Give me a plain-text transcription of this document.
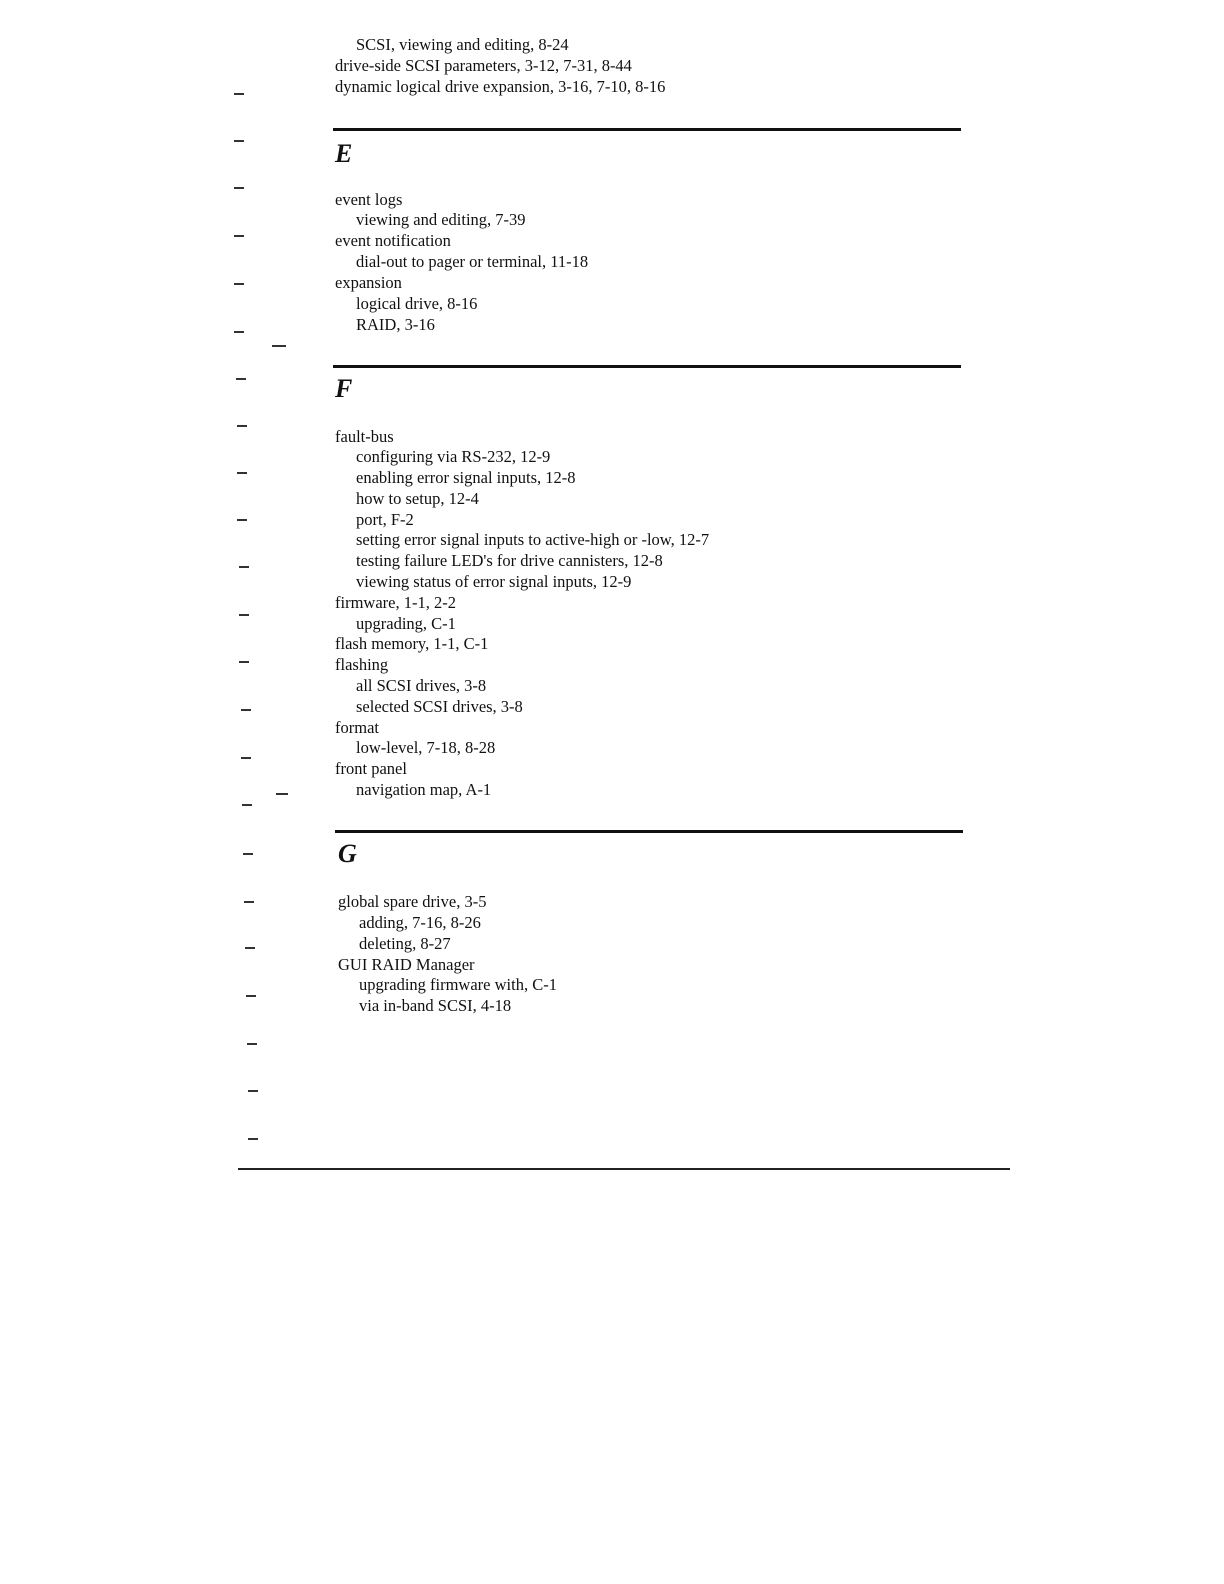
SCSI, viewing and editing, 8-24
drive-side SCSI parameters, 3-12, 7-31, 8-44
dynamic logical drive expansion, 3-16, 7-10, 8-16
E
event logs
viewing and editing, 7-39
event notification
dial-out to pager or terminal, 11-18
expansion
logical drive, 8-16
RAID, 3-16
F
fault-bus
configuring via RS-232, 12-9
enabling error signal inputs, 12-8
how to setup, 12-4
port, F-2
setting error signal inputs to active-high or -low, 12-7
testing failure LED's for drive cannisters, 12-8
viewing status of error signal inputs, 12-9
firmware, 1-1, 2-2
upgrading, C-1
flash memory, 1-1, C-1
flashing
all SCSI drives, 3-8
selected SCSI drives, 3-8
format
low-level, 7-18, 8-28
front panel
navigation map, A-1
G
global spare drive, 3-5
adding, 7-16, 8-26
deleting, 8-27
GUI RAID Manager
upgrading firmware with, C-1
via in-band SCSI, 4-18
